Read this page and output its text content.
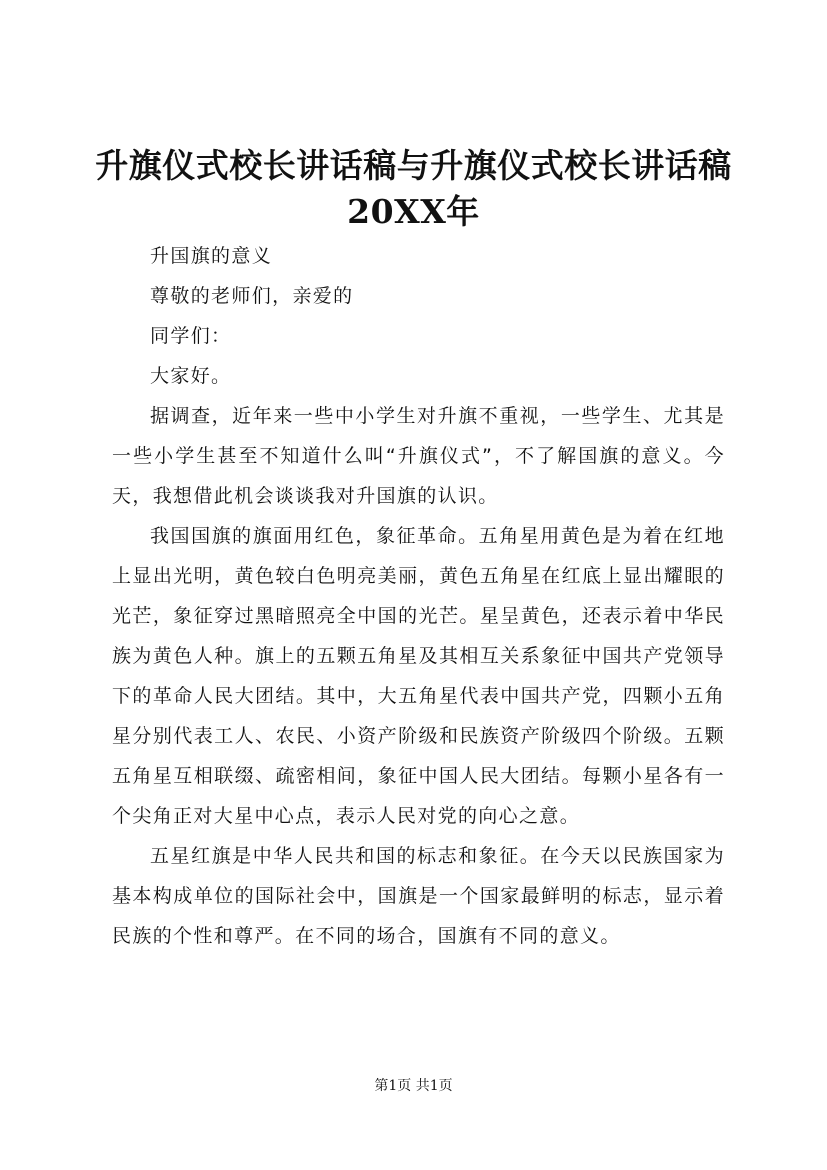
升旗仪式校长讲话稿与升旗仪式校长讲话稿
20XX年

升国旗的意义

尊敬的老师们，亲爱的

同学们：

大家好。

据调查，近年来一些中小学生对升旗不重视，一些学生、尤其是一些小学生甚至不知道什么叫“升旗仪式”，不了解国旗的意义。今天，我想借此机会谈谈我对升国旗的认识。

我国国旗的旗面用红色，象征革命。五角星用黄色是为着在红地上显出光明，黄色较白色明亮美丽，黄色五角星在红底上显出耀眼的光芒，象征穿过黑暗照亮全中国的光芒。星呈黄色，还表示着中华民族为黄色人种。旗上的五颗五角星及其相互关系象征中国共产党领导下的革命人民大团结。其中，大五角星代表中国共产党，四颗小五角星分别代表工人、农民、小资产阶级和民族资产阶级四个阶级。五颗五角星互相联缀、疏密相间，象征中国人民大团结。每颗小星各有一个尖角正对大星中心点，表示人民对党的向心之意。

五星红旗是中华人民共和国的标志和象征。在今天以民族国家为基本构成单位的国际社会中，国旗是一个国家最鲜明的标志，显示着民族的个性和尊严。在不同的场合，国旗有不同的意义。

第1页 共1页
